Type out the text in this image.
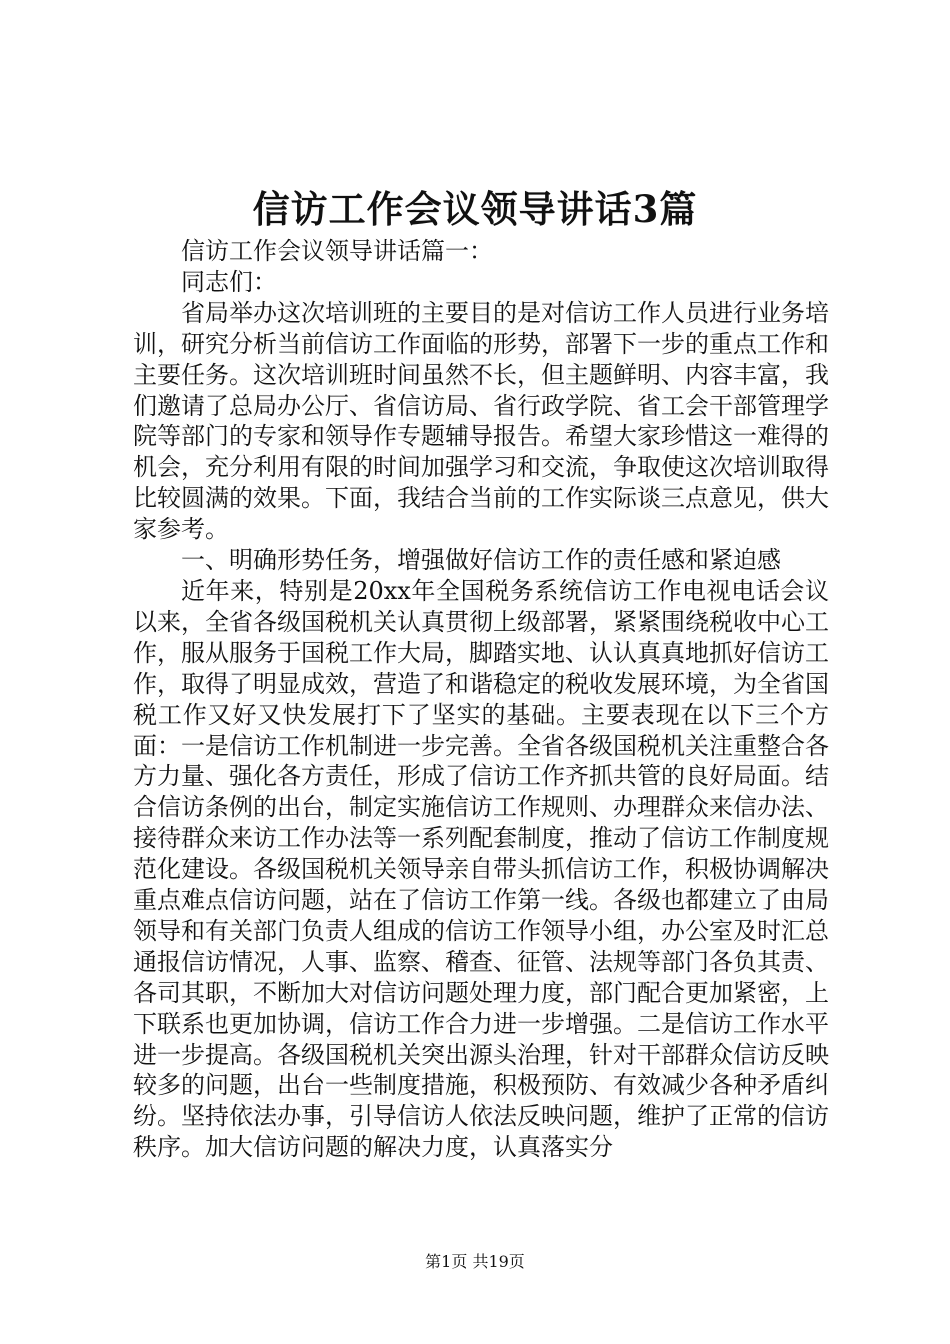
信访工作会议领导讲话3篇

信访工作会议领导讲话篇一：

同志们：

省局举办这次培训班的主要目的是对信访工作人员进行业务培训，研究分析当前信访工作面临的形势，部署下一步的重点工作和主要任务。这次培训班时间虽然不长，但主题鲜明、内容丰富，我们邀请了总局办公厅、省信访局、省行政学院、省工会干部管理学院等部门的专家和领导作专题辅导报告。希望大家珍惜这一难得的机会，充分利用有限的时间加强学习和交流，争取使这次培训取得比较圆满的效果。下面，我结合当前的工作实际谈三点意见，供大家参考。

一、明确形势任务，增强做好信访工作的责任感和紧迫感

近年来，特别是20xx年全国税务系统信访工作电视电话会议以来，全省各级国税机关认真贯彻上级部署，紧紧围绕税收中心工作，服从服务于国税工作大局，脚踏实地、认认真真地抓好信访工作，取得了明显成效，营造了和谐稳定的税收发展环境，为全省国税工作又好又快发展打下了坚实的基础。主要表现在以下三个方面：一是信访工作机制进一步完善。全省各级国税机关注重整合各方力量、强化各方责任，形成了信访工作齐抓共管的良好局面。结合信访条例的出台，制定实施信访工作规则、办理群众来信办法、接待群众来访工作办法等一系列配套制度，推动了信访工作制度规范化建设。各级国税机关领导亲自带头抓信访工作，积极协调解决重点难点信访问题，站在了信访工作第一线。各级也都建立了由局领导和有关部门负责人组成的信访工作领导小组，办公室及时汇总通报信访情况，人事、监察、稽查、征管、法规等部门各负其责、各司其职，不断加大对信访问题处理力度，部门配合更加紧密，上下联系也更加协调，信访工作合力进一步增强。二是信访工作水平进一步提高。各级国税机关突出源头治理，针对干部群众信访反映较多的问题，出台一些制度措施，积极预防、有效减少各种矛盾纠纷。坚持依法办事，引导信访人依法反映问题，维护了正常的信访秩序。加大信访问题的解决力度，认真落实分

第1页 共19页
